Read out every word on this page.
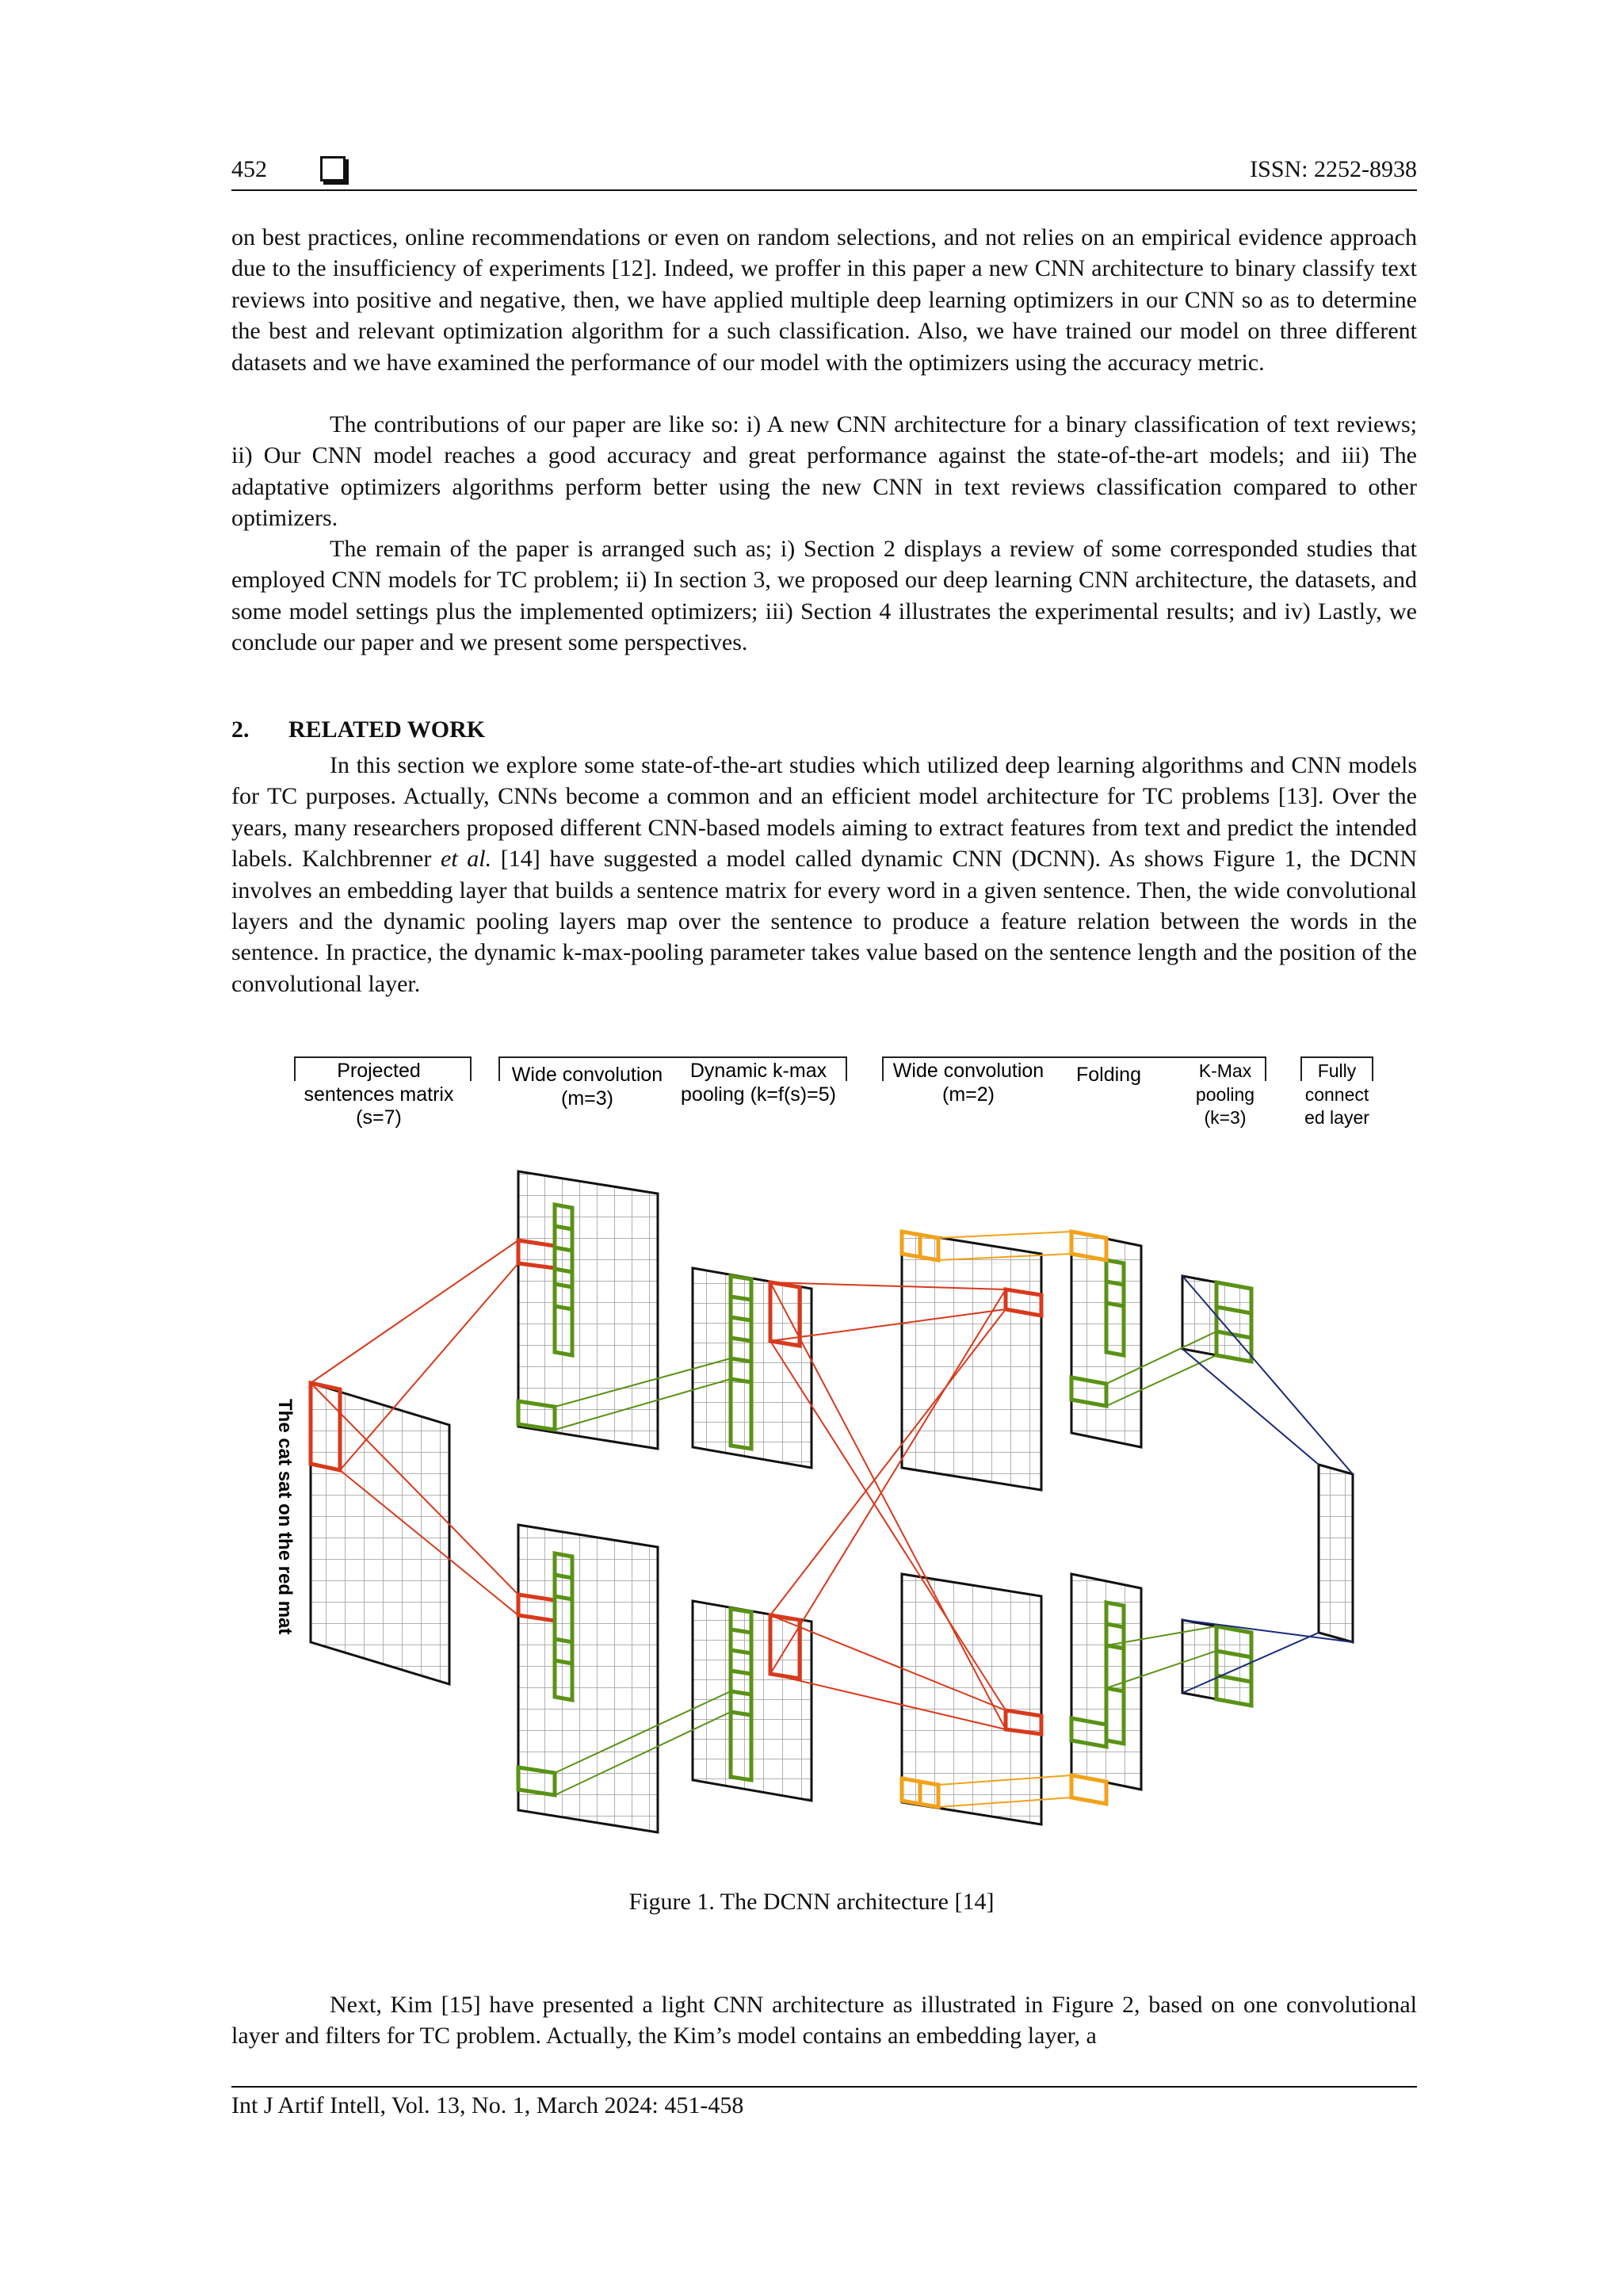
452	ISSN: 2252-8938

on best practices, online recommendations or even on random selections, and not relies on an empirical evidence approach due to the insufficiency of experiments [12]. Indeed, we proffer in this paper a new CNN architecture to binary classify text reviews into positive and negative, then, we have applied multiple deep learning optimizers in our CNN so as to determine the best and relevant optimization algorithm for a such classification. Also, we have trained our model on three different datasets and we have examined the performance of our model with the optimizers using the accuracy metric.

The contributions of our paper are like so: i) A new CNN architecture for a binary classification of text reviews; ii) Our CNN model reaches a good accuracy and great performance against the state-of-the-art models; and iii) The adaptative optimizers algorithms perform better using the new CNN in text reviews classification compared to other optimizers.

The remain of the paper is arranged such as; i) Section 2 displays a review of some corresponded studies that employed CNN models for TC problem; ii) In section 3, we proposed our deep learning CNN architecture, the datasets, and some model settings plus the implemented optimizers; iii) Section 4 illustrates the experimental results; and iv) Lastly, we conclude our paper and we present some perspectives.

2. RELATED WORK

In this section we explore some state-of-the-art studies which utilized deep learning algorithms and CNN models for TC purposes. Actually, CNNs become a common and an efficient model architecture for TC problems [13]. Over the years, many researchers proposed different CNN-based models aiming to extract features from text and predict the intended labels. Kalchbrenner et al. [14] have suggested a model called dynamic CNN (DCNN). As shows Figure 1, the DCNN involves an embedding layer that builds a sentence matrix for every word in a given sentence. Then, the wide convolutional layers and the dynamic pooling layers map over the sentence to produce a feature relation between the words in the sentence. In practice, the dynamic k-max-pooling parameter takes value based on the sentence length and the position of the convolutional layer.

Projected
sentences matrix
(s=7)
Wide convolution
(m=3)
Dynamic k-max
pooling (k=f(s)=5)
Wide convolution
(m=2)
Folding	K-Max
pooling
(k=3)
Fully
connect
ed layer
The cat sat on the red mat
Figure 1. The DCNN architecture [14]

Next, Kim [15] have presented a light CNN architecture as illustrated in Figure 2, based on one convolutional layer and filters for TC problem. Actually, the Kim’s model contains an embedding layer, a

Int J Artif Intell, Vol. 13, No. 1, March 2024: 451-458
